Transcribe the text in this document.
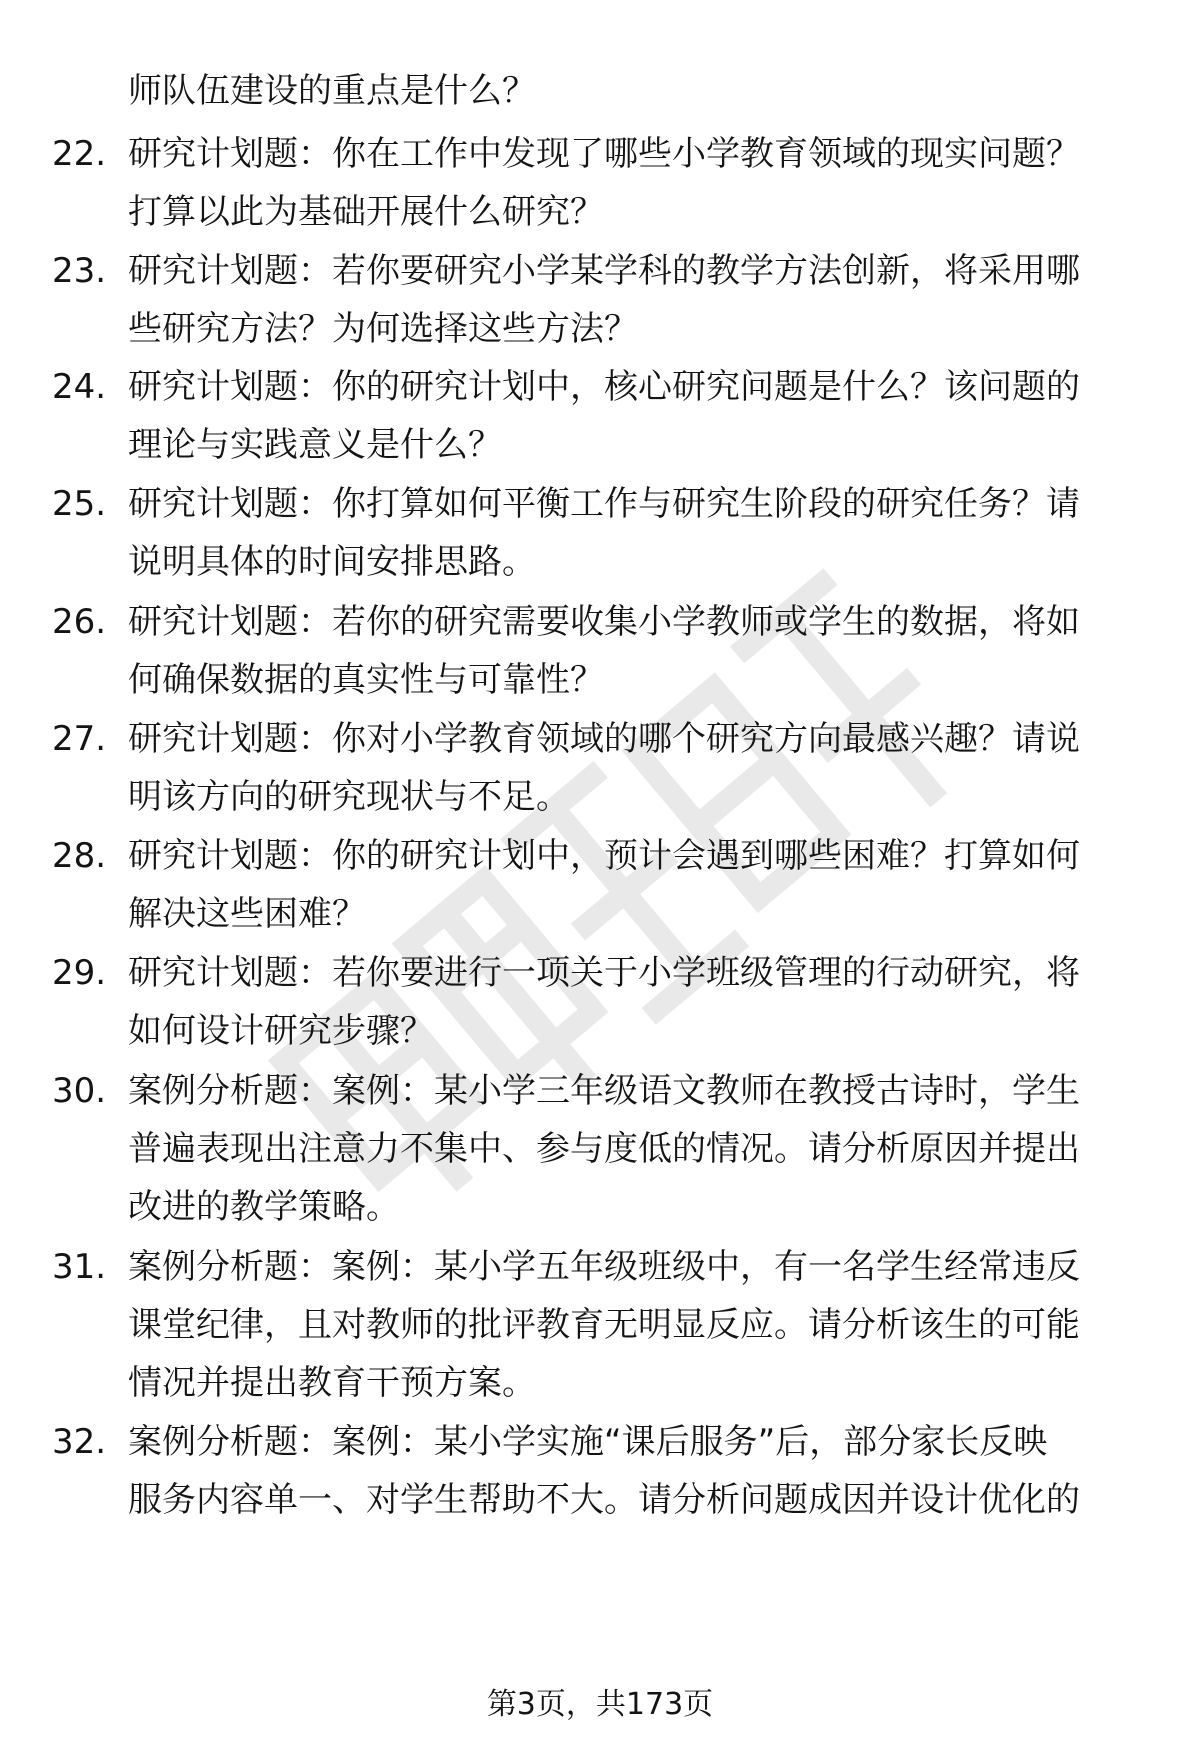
师队伍建设的重点是什么？
22. 研究计划题：你在工作中发现了哪些小学教育领域的现实问题？
打算以此为基础开展什么研究？
23. 研究计划题：若你要研究小学某学科的教学方法创新，将采用哪
些研究方法？为何选择这些方法？
24. 研究计划题：你的研究计划中，核心研究问题是什么？该问题的
理论与实践意义是什么？
25. 研究计划题：你打算如何平衡工作与研究生阶段的研究任务？请
说明具体的时间安排思路。
26. 研究计划题：若你的研究需要收集小学教师或学生的数据，将如
何确保数据的真实性与可靠性？
27. 研究计划题：你对小学教育领域的哪个研究方向最感兴趣？请说
明该方向的研究现状与不足。
28. 研究计划题：你的研究计划中，预计会遇到哪些困难？打算如何
解决这些困难？
29. 研究计划题：若你要进行一项关于小学班级管理的行动研究，将
如何设计研究步骤？
30. 案例分析题：案例：某小学三年级语文教师在教授古诗时，学生
普遍表现出注意力不集中、参与度低的情况。请分析原因并提出
改进的教学策略。
31. 案例分析题：案例：某小学五年级班级中，有一名学生经常违反
课堂纪律，且对教师的批评教育无明显反应。请分析该生的可能
情况并提出教育干预方案。
32. 案例分析题：案例：某小学实施“课后服务”后，部分家长反映
服务内容单一、对学生帮助不大。请分析问题成因并设计优化的
第3页，共173页
